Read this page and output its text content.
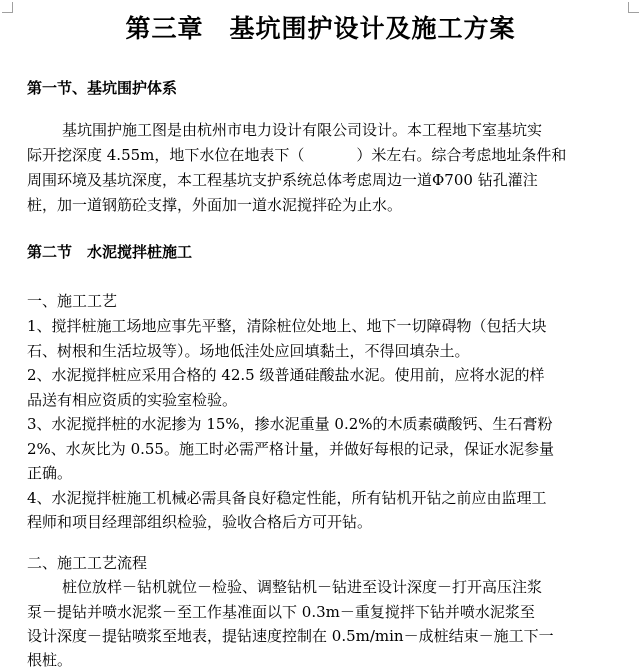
第三章　基坑围护设计及施工方案
第一节、基坑围护体系
基坑围护施工图是由杭州市电力设计有限公司设计。本工程地下室基坑实
际开挖深度 4.55m，地下水位在地表下（	）米左右。综合考虑地址条件和
周围环境及基坑深度，本工程基坑支护系统总体考虑周边一道Φ700 钻孔灌注
桩，加一道钢筋砼支撑，外面加一道水泥搅拌砼为止水。
第二节　水泥搅拌桩施工
一、施工工艺
1、搅拌桩施工场地应事先平整，清除桩位处地上、地下一切障碍物（包括大块
石、树根和生活垃圾等）。场地低洼处应回填黏土，不得回填杂土。
2、水泥搅拌桩应采用合格的 42.5 级普通硅酸盐水泥。使用前，应将水泥的样
品送有相应资质的实验室检验。
3、水泥搅拌桩的水泥掺为 15%，掺水泥重量 0.2%的木质素磺酸钙、生石膏粉
2%、水灰比为 0.55。施工时必需严格计量，并做好每根的记录，保证水泥参量
正确。
4、水泥搅拌桩施工机械必需具备良好稳定性能，所有钻机开钻之前应由监理工
程师和项目经理部组织检验，验收合格后方可开钻。
二、施工工艺流程
桩位放样－钻机就位－检验、调整钻机－钻进至设计深度－打开高压注浆
泵－提钻并喷水泥浆－至工作基准面以下 0.3m－重复搅拌下钻并喷水泥浆至
设计深度－提钻喷浆至地表，提钻速度控制在 0.5m/min－成桩结束－施工下一
根桩。
